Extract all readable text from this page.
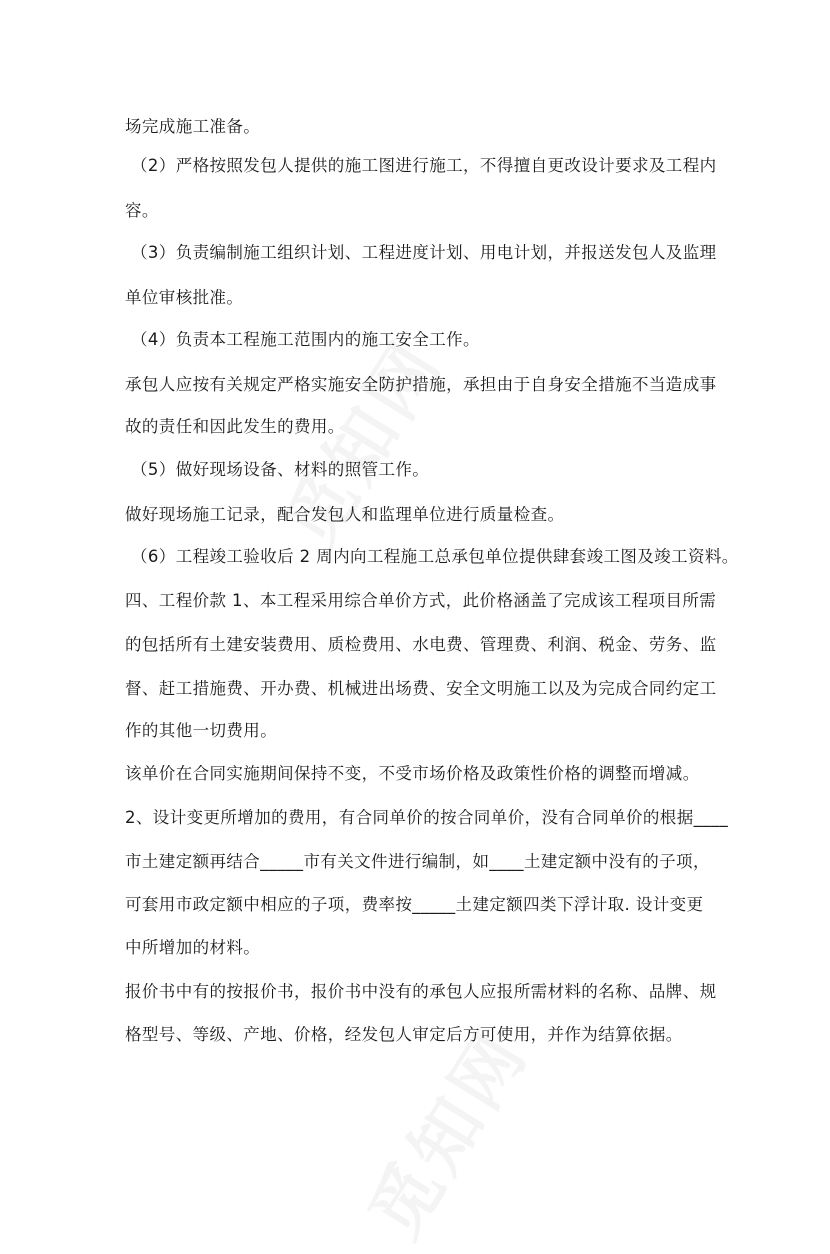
场完成施工准备。
（2）严格按照发包人提供的施工图进行施工，不得擅自更改设计要求及工程内
容。
（3）负责编制施工组织计划、工程进度计划、用电计划，并报送发包人及监理
单位审核批准。
（4）负责本工程施工范围内的施工安全工作。
承包人应按有关规定严格实施安全防护措施，承担由于自身安全措施不当造成事
故的责任和因此发生的费用。
（5）做好现场设备、材料的照管工作。
做好现场施工记录，配合发包人和监理单位进行质量检查。
（6）工程竣工验收后 2 周内向工程施工总承包单位提供肆套竣工图及竣工资料。
四、工程价款 1、本工程采用综合单价方式，此价格涵盖了完成该工程项目所需
的包括所有土建安装费用、质检费用、水电费、管理费、利润、税金、劳务、监
督、赶工措施费、开办费、机械进出场费、安全文明施工以及为完成合同约定工
作的其他一切费用。
该单价在合同实施期间保持不变，不受市场价格及政策性价格的调整而增减。
2、设计变更所增加的费用，有合同单价的按合同单价，没有合同单价的根据____
市土建定额再结合_____市有关文件进行编制，如____土建定额中没有的子项，
可套用市政定额中相应的子项，费率按_____土建定额四类下浮计取. 设计变更
中所增加的材料。
报价书中有的按报价书，报价书中没有的承包人应报所需材料的名称、品牌、规
格型号、等级、产地、价格，经发包人审定后方可使用，并作为结算依据。
